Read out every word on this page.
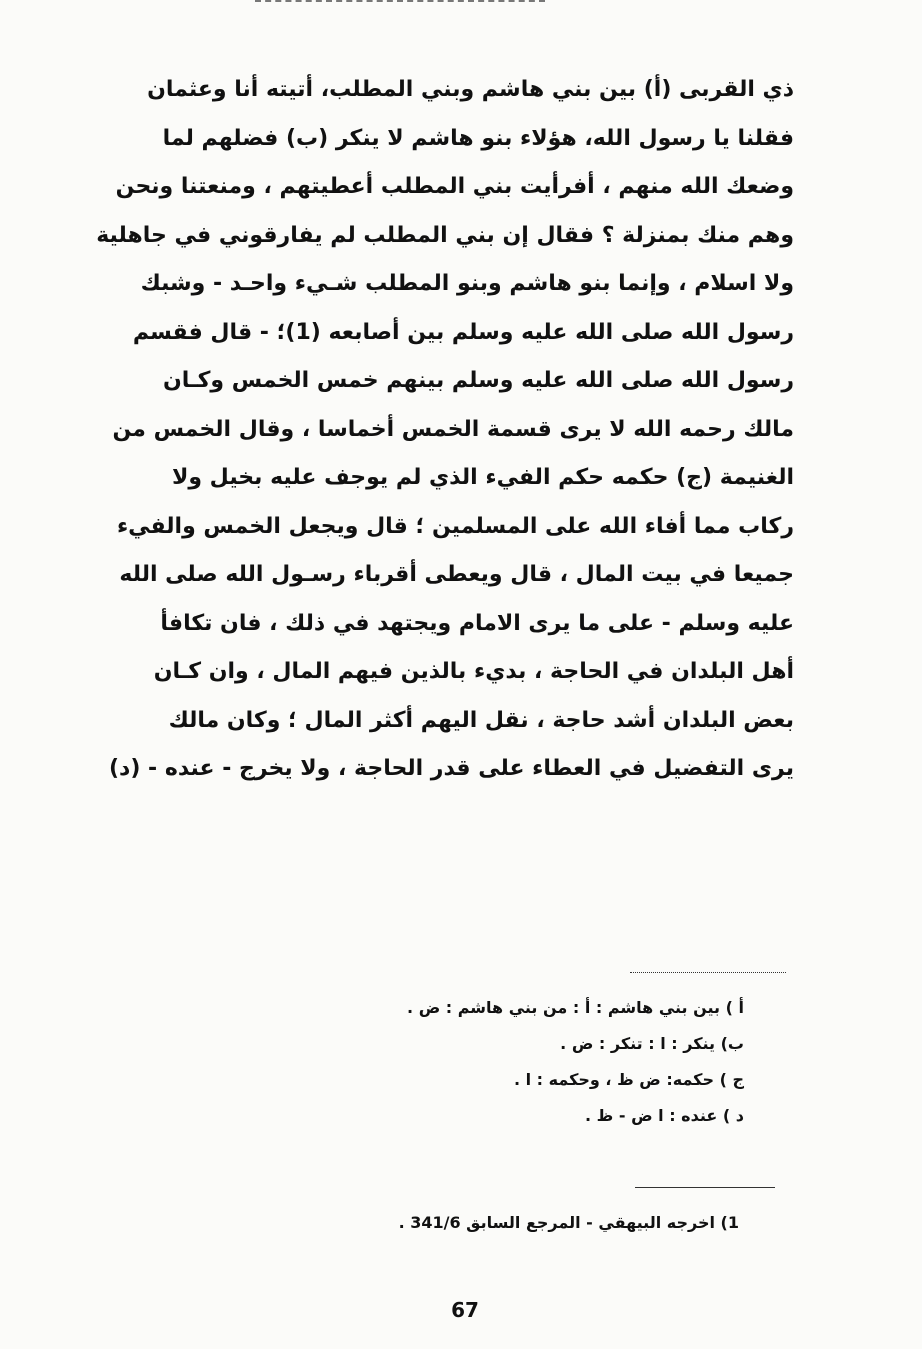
ذي القربى (أ) بين بني هاشم وبني المطلب، أتيته أنا وعثمان
فقلنا يا رسول الله، هؤلاء بنو هاشم لا ينكر (ب) فضلهم لما
وضعك الله منهم ، أفرأيت بني المطلب أعطيتهم ، ومنعتنا ونحن
وهم منك بمنزلة ؟ فقال إن بني المطلب لم يفارقوني في جاهلية
ولا اسلام ، وإنما بنو هاشم وبنو المطلب شـيء واحـد - وشبك
رسول الله صلى الله عليه وسلم بين أصابعه (1)؛ - قال فقسم
رسول الله صلى الله عليه وسلم بينهم خمس الخمس وكـان
مالك رحمه الله لا يرى قسمة الخمس أخماسا ، وقال الخمس من
الغنيمة (ج) حكمه حكم الفيء الذي لم يوجف عليه بخيل ولا
ركاب مما أفاء الله على المسلمين ؛ قال ويجعل الخمس والفيء
جميعا في بيت المال ، قال ويعطى أقرباء رسـول الله صلى الله
عليه وسلم - على ما يرى الامام ويجتهد في ذلك ، فان تكافأ
أهل البلدان في الحاجة ، بديء بالذين فيهم المال ، وان كـان
بعض البلدان أشد حاجة ، نقل اليهم أكثر المال ؛ وكان مالك
يرى التفضيل في العطاء على قدر الحاجة ، ولا يخرج - عنده - (د)
أ ) بين بني هاشم : أ : من بني هاشم : ض .
ب) ينكر : ا : تنكر : ض .
ج ) حكمه: ض ظ ، وحكمه : ا .
د ) عنده : ا ض - ظ .
1) اخرجه البيهقي - المرجع السابق 341/6 .
67
